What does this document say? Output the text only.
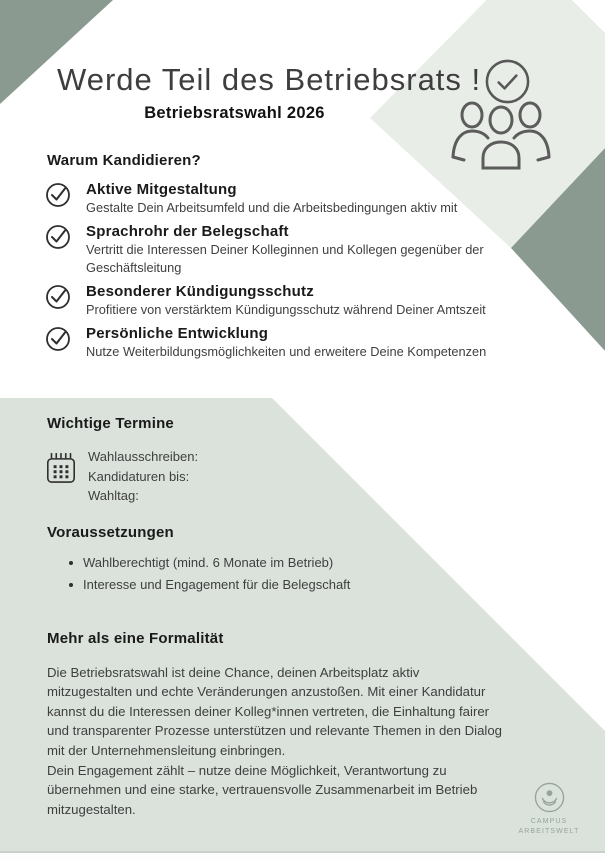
Werde Teil des Betriebsrats !
Betriebsratswahl 2026
Warum Kandidieren?
Aktive Mitgestaltung
Gestalte Dein Arbeitsumfeld und die Arbeitsbedingungen aktiv mit
Sprachrohr der Belegschaft
Vertritt die Interessen Deiner Kolleginnen und Kollegen gegenüber der Geschäftsleitung
Besonderer Kündigungsschutz
Profitiere von verstärktem Kündigungsschutz während Deiner Amtszeit
Persönliche Entwicklung
Nutze Weiterbildungsmöglichkeiten und erweitere Deine Kompetenzen
Wichtige Termine
Wahlausschreiben:
Kandidaturen bis:
Wahltag:
Voraussetzungen
Wahlberechtigt (mind. 6 Monate im Betrieb)
Interesse und Engagement für die Belegschaft
Mehr als eine Formalität
Die Betriebsratswahl ist deine Chance, deinen Arbeitsplatz aktiv mitzugestalten und echte Veränderungen anzustoßen. Mit einer Kandidatur kannst du die Interessen deiner Kolleg*innen vertreten, die Einhaltung fairer und transparenter Prozesse unterstützen und relevante Themen in den Dialog mit der Unternehmensleitung einbringen.
Dein Engagement zählt – nutze deine Möglichkeit, Verantwortung zu übernehmen und eine starke, vertrauensvolle Zusammenarbeit im Betrieb mitzugestalten.
CAMPUS
ARBEITSWELT
